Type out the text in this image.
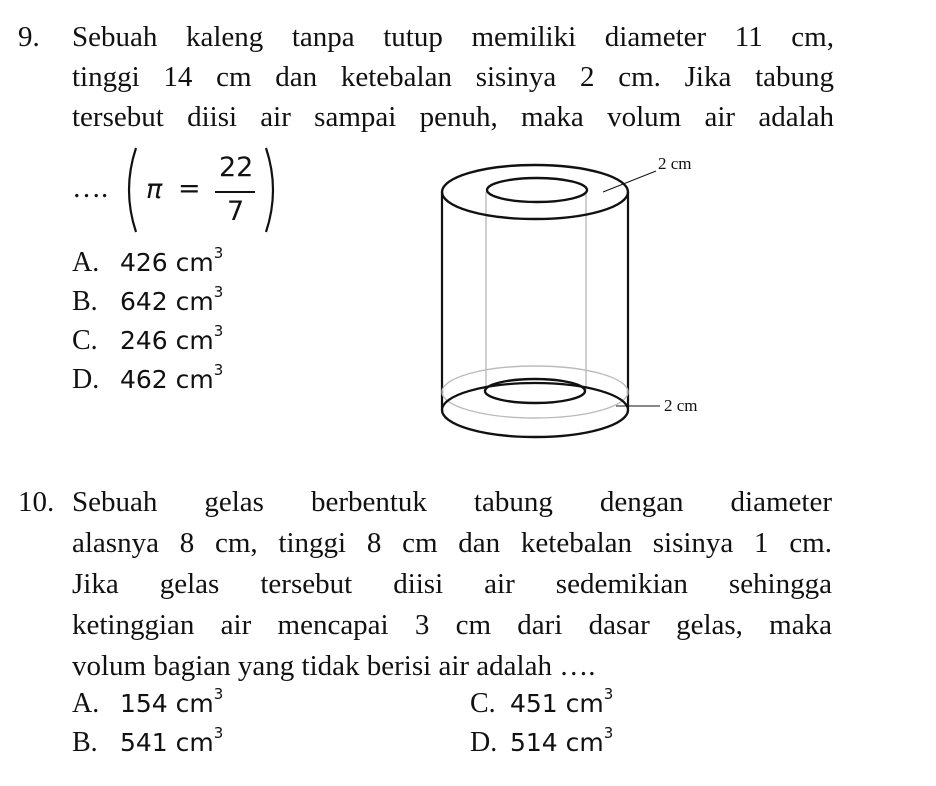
9. Sebuah kaleng tanpa tutup memiliki diameter 11 cm,
tinggi 14 cm dan ketebalan sisinya 2 cm. Jika tabung
tersebut diisi air sampai penuh, maka volum air adalah
…. π =
22
7
A. 426 $cm^3$
B. 642 $cm^3$
C. 246 $cm^3$
D. 462 $cm^3$
2 cm
2 cm
10. Sebuah gelas berbentuk tabung dengan diameter
alasnya 8 cm, tinggi 8 cm dan ketebalan sisinya 1 cm.
Jika gelas tersebut diisi air sedemikian sehingga
ketinggian air mencapai 3 cm dari dasar gelas, maka
volum bagian yang tidak berisi air adalah ….
A. 154 $cm^3$	C. 451 $cm^3$
B. 541 $cm^3$	D. 514 $cm^3$
